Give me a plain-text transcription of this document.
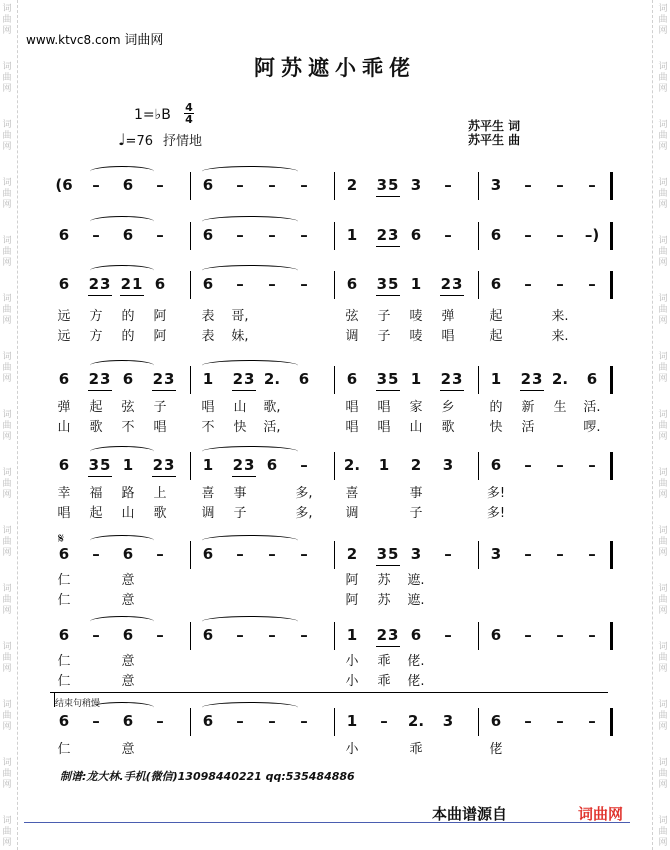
词
曲
网
词
曲
网
词
曲
网
词
曲
网
词
曲
网
词
曲
网
词
曲
网
词
曲
网
词
曲
网
词
曲
网
词
曲
网
词
曲
网
词
曲
网
词
曲
网
词
曲
网
词
曲
网
词
曲
网
词
曲
网
词
曲
网
词
曲
网
词
曲
网
词
曲
网
词
曲
网
词
曲
网
词
曲
网
词
曲
网
词
曲
网
词
曲
网
词
曲
网
词
曲
网
www.ktvc8.com 词曲网
阿苏遮小乖佬
1=♭B 4
4
♩=76 抒情地
苏平生 词
苏平生 曲
𝄋
(6	–	6	–	6	–	–	–	2	35 3	–	3	–	–	–
6	–	6	–	6	–	–	–	1	23 6	–	6	–	–	–)
6	23 21 6	6	–	–	–	6	35 1	23	6	–	–	–
远 方 的 阿	表 哥,	弦 子 唛 弹	起	来.
远 方 的 阿	表 妹,	调 子 唛 唱	起	来.
6	23 6	23	1	23 2.	6	6	35 1	23	1	23 2.	6
弹 起 弦 子	唱 山 歌,	唱 唱 家 乡	的 新 生 活.
山 歌 不 唱	不 快 活,	唱 唱 山 歌	快 活	啰.
6	35 1	23	1	23 6	–	2.	1	2	3	6	–	–	–
幸 福 路 上	喜 事	多,	喜	事	多!
唱 起 山 歌	调 子	多,	调	子	多!
6	–	6	–	6	–	–	–	2	35 3	–	3	–	–	–
仁	意	阿 苏 遮.
仁	意	阿 苏 遮.
6	–	6	–	6	–	–	–	1	23 6	–	6	–	–	–
仁	意	小 乖 佬.
仁	意	小 乖 佬.
6	–	6	–	6	–	–	–	1	–	2.	3	6	–	–	–
仁	意	小	乖	佬
结束句稍慢
制谱:龙大林.手机(微信)13098440221 qq:535484886
本曲谱源自	词曲网
